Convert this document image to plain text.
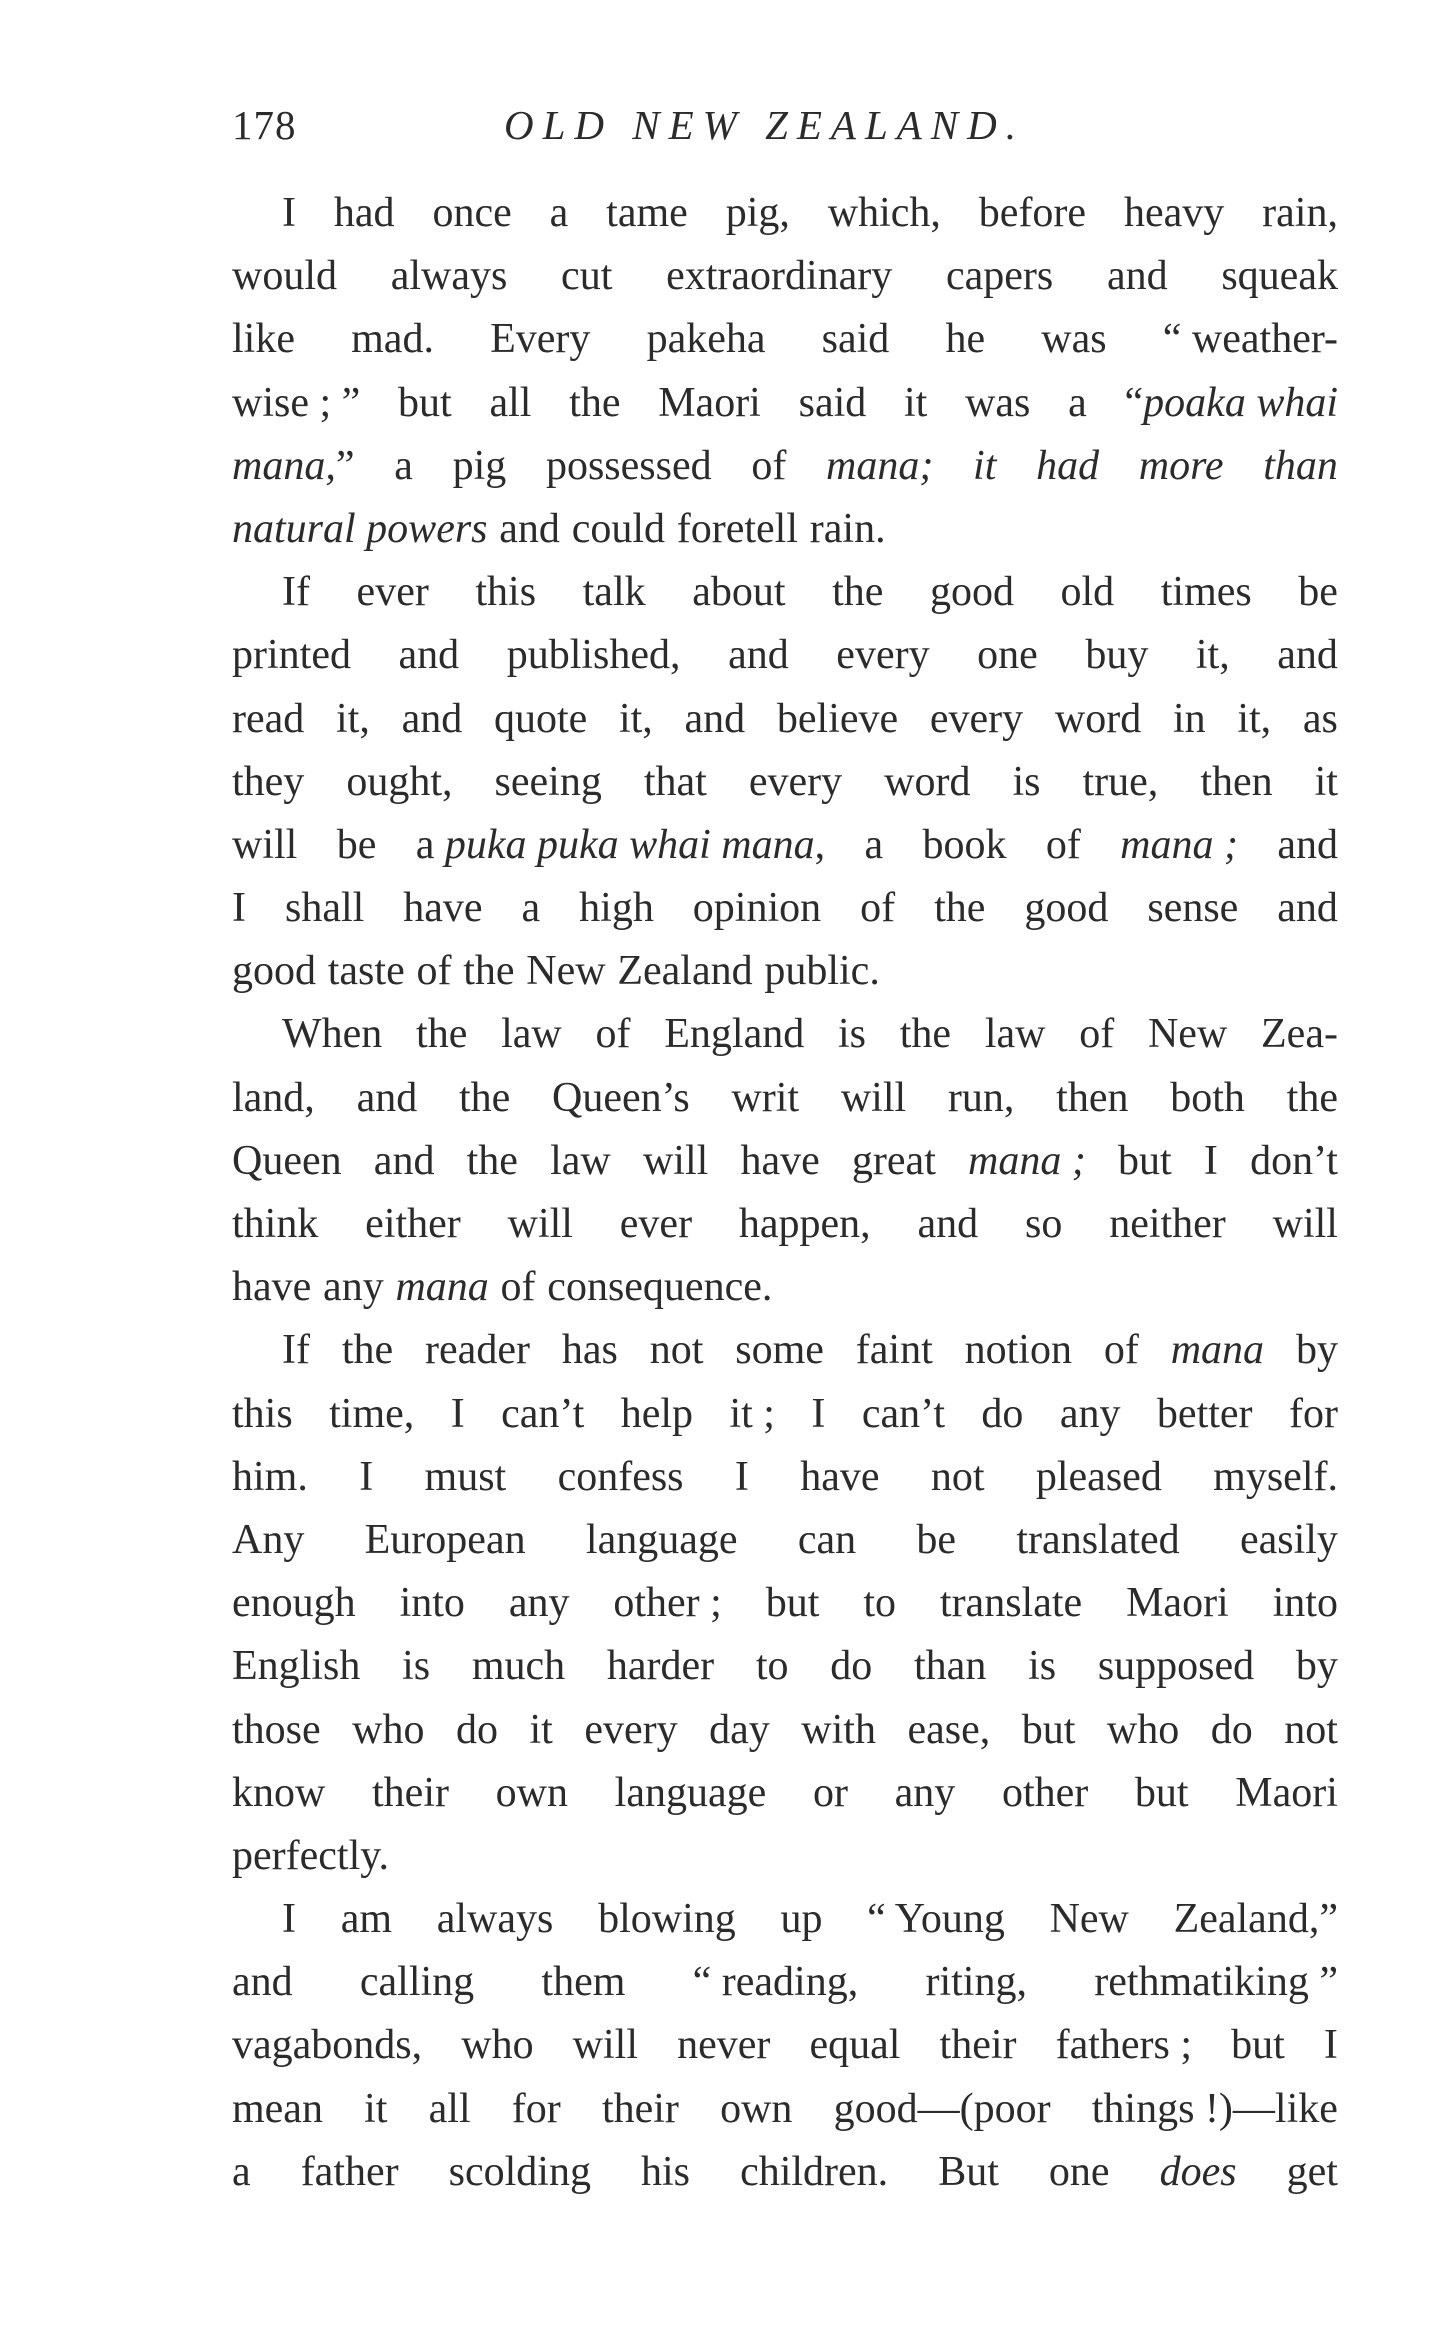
178	OLD NEW ZEALAND.
I had once a tame pig, which, before heavy rain,
would always cut extraordinary capers and squeak
like mad. Every pakeha said he was “ weather-
wise ; ” but all the Maori said it was a “poaka whai
mana,” a pig possessed of mana; it had more than
natural powers and could foretell rain.
If ever this talk about the good old times be
printed and published, and every one buy it, and
read it, and quote it, and believe every word in it, as
they ought, seeing that every word is true, then it
will be a puka puka whai mana, a book of mana ; and
I shall have a high opinion of the good sense and
good taste of the New Zealand public.
When the law of England is the law of New Zea-
land, and the Queen’s writ will run, then both the
Queen and the law will have great mana ; but I don’t
think either will ever happen, and so neither will
have any mana of consequence.
If the reader has not some faint notion of mana by
this time, I can’t help it ; I can’t do any better for
him. I must confess I have not pleased myself.
Any European language can be translated easily
enough into any other ; but to translate Maori into
English is much harder to do than is supposed by
those who do it every day with ease, but who do not
know their own language or any other but Maori
perfectly.
I am always blowing up “ Young New Zealand,”
and calling them “ reading, riting, rethmatiking ”
vagabonds, who will never equal their fathers ; but I
mean it all for their own good—(poor things !)—like
a father scolding his children. But one does get
